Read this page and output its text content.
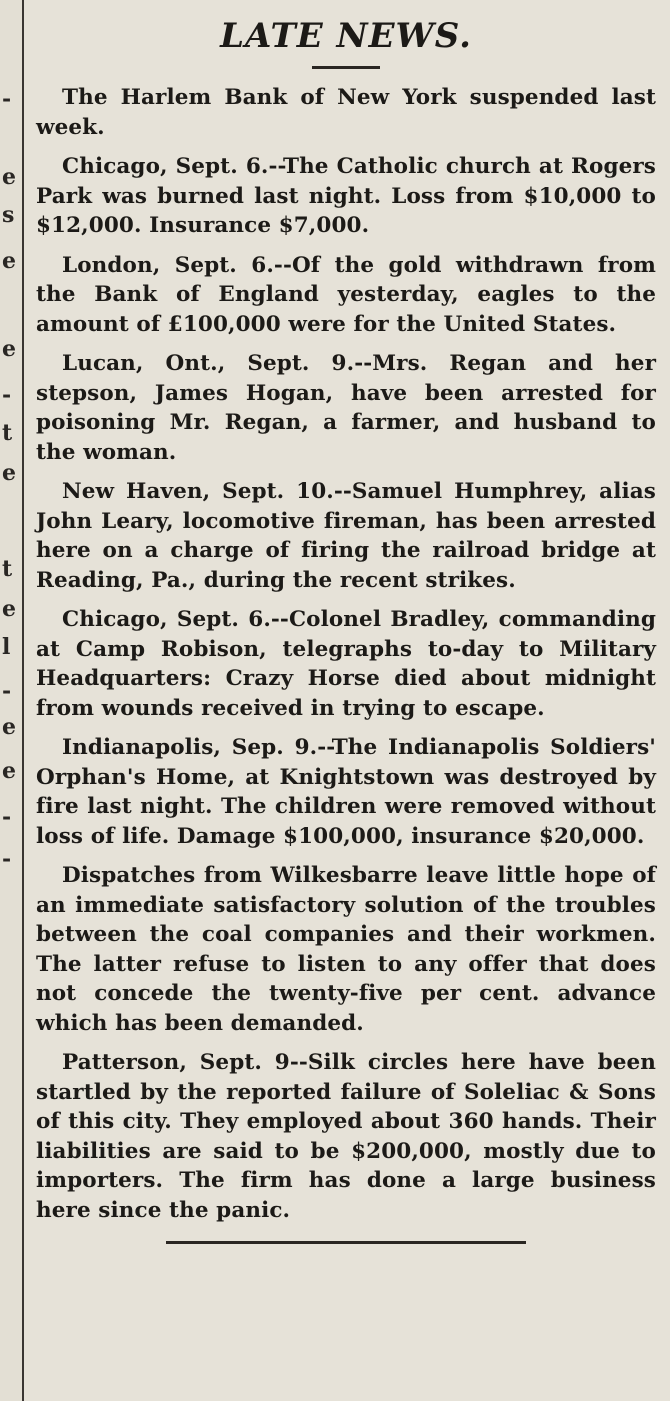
-
e
s
e
e
-
t
e
t
e
l
-
e
e
-
-
LATE NEWS.

The Harlem Bank of New York suspended last week.

Chicago, Sept. 6.--The Catholic church at Rogers Park was burned last night. Loss from $10,000 to $12,000. Insurance $7,000.

London, Sept. 6.--Of the gold withdrawn from the Bank of England yesterday, eagles to the amount of £100,000 were for the United States.

Lucan, Ont., Sept. 9.--Mrs. Regan and her stepson, James Hogan, have been arrested for poisoning Mr. Regan, a farmer, and husband to the woman.

New Haven, Sept. 10.--Samuel Humphrey, alias John Leary, locomotive fireman, has been arrested here on a charge of firing the railroad bridge at Reading, Pa., during the recent strikes.

Chicago, Sept. 6.--Colonel Bradley, commanding at Camp Robison, telegraphs to-day to Military Headquarters: Crazy Horse died about midnight from wounds received in trying to escape.

Indianapolis, Sep. 9.--The Indianapolis Soldiers' Orphan's Home, at Knightstown was destroyed by fire last night. The children were removed without loss of life. Damage $100,000, insurance $20,000.

Dispatches from Wilkesbarre leave little hope of an immediate satisfactory solution of the troubles between the coal companies and their workmen. The latter refuse to listen to any offer that does not concede the twenty-five per cent. advance which has been demanded.

Patterson, Sept. 9--Silk circles here have been startled by the reported failure of Soleliac & Sons of this city. They employed about 360 hands. Their liabilities are said to be $200,000, mostly due to importers. The firm has done a large business here since the panic.
